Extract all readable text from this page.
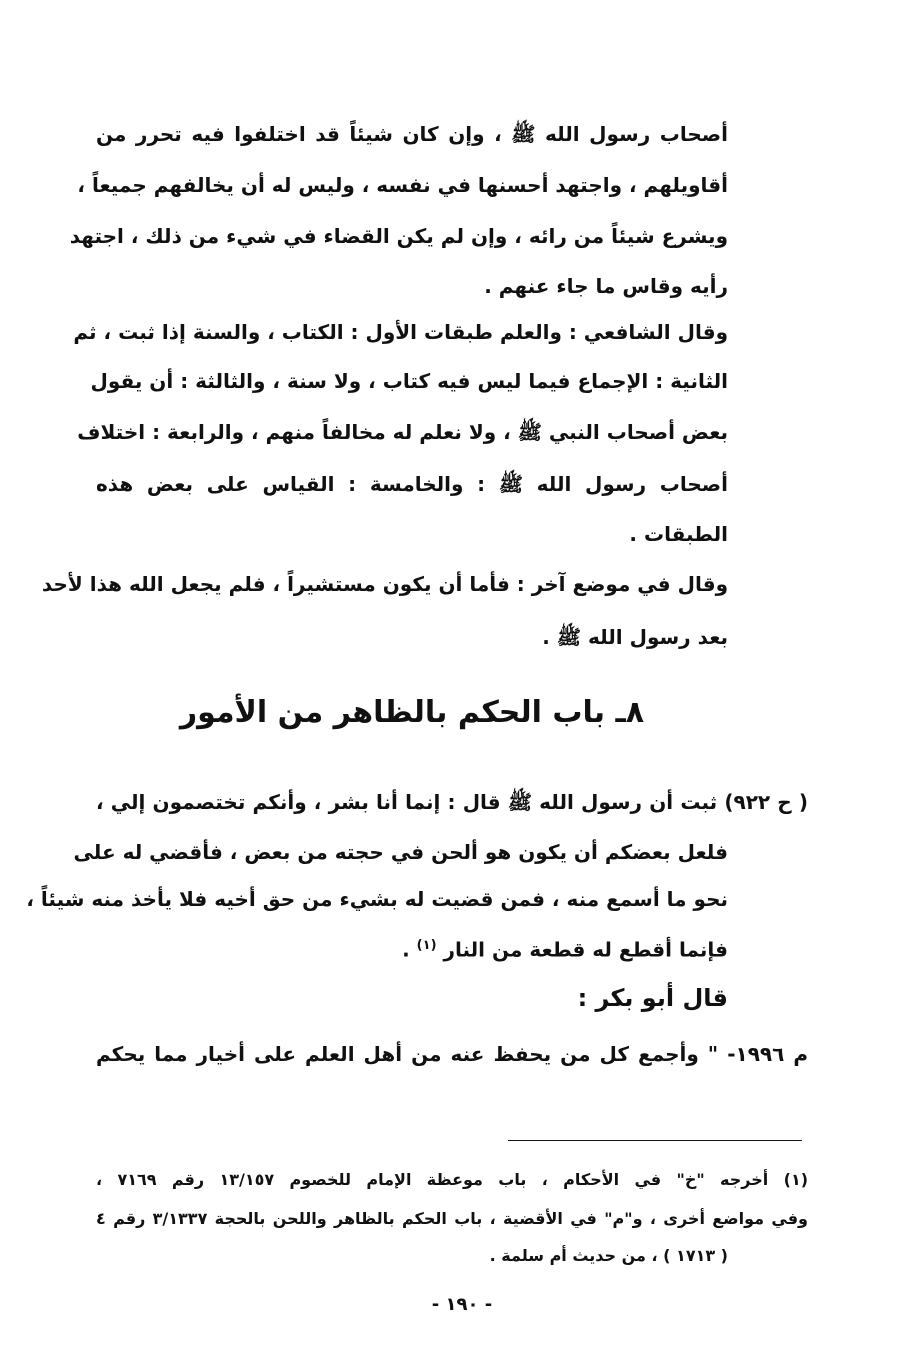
أصحاب رسول الله ﷺ ، وإن كان شيئاً قد اختلفوا فيه تحرر من
أقاويلهم ، واجتهد أحسنها في نفسه ، وليس له أن يخالفهم جميعاً ،
ويشرع شيئاً من رائه ، وإن لم يكن القضاء في شيء من ذلك ، اجتهد
رأيه وقاس ما جاء عنهم .
وقال الشافعي : والعلم طبقات الأول : الكتاب ، والسنة إذا ثبت ، ثم
الثانية : الإجماع فيما ليس فيه كتاب ، ولا سنة ، والثالثة : أن يقول
بعض أصحاب النبي ﷺ ، ولا نعلم له مخالفاً منهم ، والرابعة : اختلاف
أصحاب رسول الله ﷺ : والخامسة : القياس على بعض هذه
الطبقات .
وقال في موضع آخر : فأما أن يكون مستشيراً ، فلم يجعل الله هذا لأحد
بعد رسول الله ﷺ .
٨ـ باب الحكم بالظاهر من الأمور
( ح ٩٢٢) ثبت أن رسول الله ﷺ قال : إنما أنا بشر ، وأنكم تختصمون إلي ،
فلعل بعضكم أن يكون هو ألحن في حجته من بعض ، فأقضي له على
نحو ما أسمع منه ، فمن قضيت له بشيء من حق أخيه فلا يأخذ منه شيئاً ،
فإنما أقطع له قطعة من النار $^{(١)}$ .
قال أبو بكر :
م ١٩٩٦- " وأجمع كل من يحفظ عنه من أهل العلم على أخيار مما يحكم
(١) أخرجه "خ" في الأحكام ، باب موعظة الإمام للخصوم ١٣/١٥٧ رقم ٧١٦٩ ،
وفي مواضع أخرى ، و"م" في الأقضية ، باب الحكم بالظاهر واللحن بالحجة ٣/١٣٣٧ رقم ٤
( ١٧١٣ ) ، من حديث أم سلمة .
- ١٩٠ -
